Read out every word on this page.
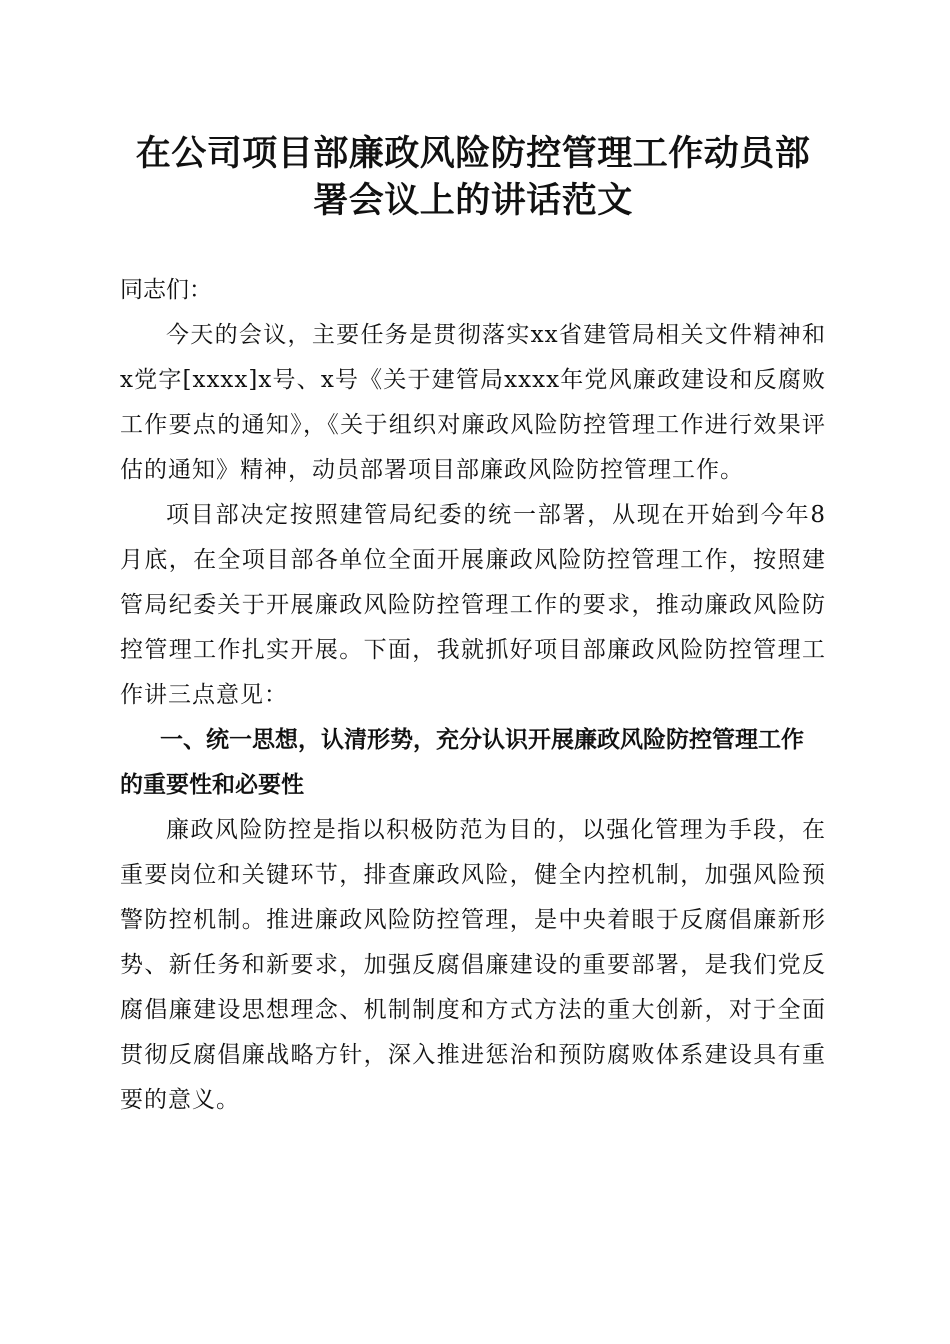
在公司项目部廉政风险防控管理工作动员部署会议上的讲话范文

同志们：

今天的会议，主要任务是贯彻落实xx省建管局相关文件精神和x党字[xxxx]x号、x号《关于建管局xxxx年党风廉政建设和反腐败工作要点的通知》，《关于组织对廉政风险防控管理工作进行效果评估的通知》精神，动员部署项目部廉政风险防控管理工作。

项目部决定按照建管局纪委的统一部署，从现在开始到今年8月底，在全项目部各单位全面开展廉政风险防控管理工作，按照建管局纪委关于开展廉政风险防控管理工作的要求，推动廉政风险防控管理工作扎实开展。下面，我就抓好项目部廉政风险防控管理工作讲三点意见：

一、统一思想，认清形势，充分认识开展廉政风险防控管理工作的重要性和必要性

廉政风险防控是指以积极防范为目的，以强化管理为手段，在重要岗位和关键环节，排查廉政风险，健全内控机制，加强风险预警防控机制。推进廉政风险防控管理，是中央着眼于反腐倡廉新形势、新任务和新要求，加强反腐倡廉建设的重要部署，是我们党反腐倡廉建设思想理念、机制制度和方式方法的重大创新，对于全面贯彻反腐倡廉战略方针，深入推进惩治和预防腐败体系建设具有重要的意义。
